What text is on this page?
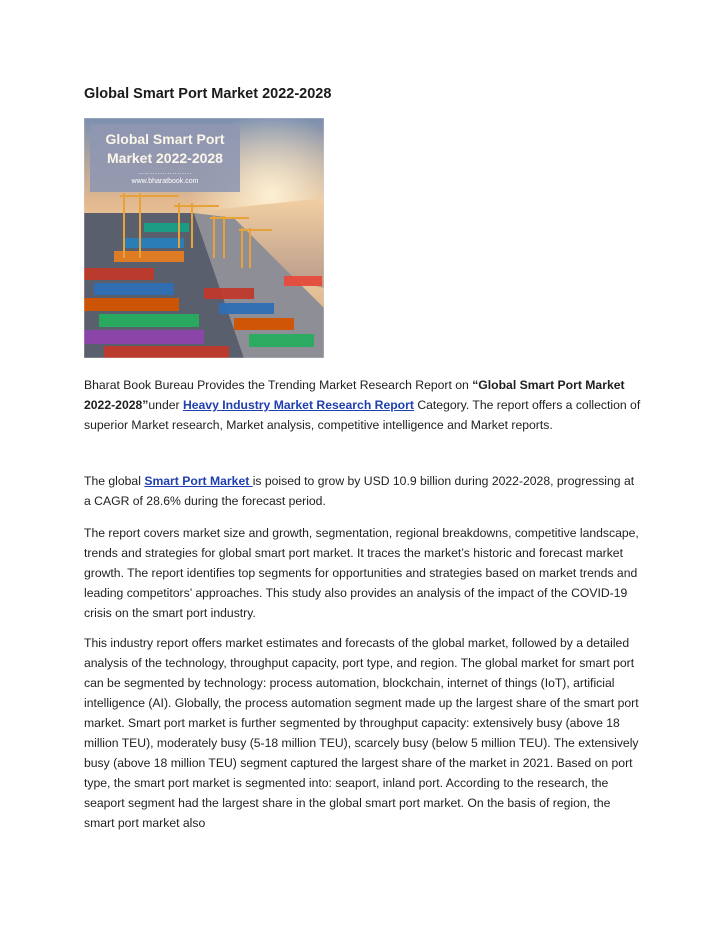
Global Smart Port Market 2022-2028
Global Smart Port
Market 2022-2028
......................
www.bharatbook.com
Bharat Book Bureau Provides the Trending Market Research Report on “Global Smart Port Market 2022-2028”under Heavy Industry Market Research Report Category. The report offers a collection of superior Market research, Market analysis, competitive intelligence and Market reports.
The global Smart Port Market is poised to grow by USD 10.9 billion during 2022-2028, progressing at a CAGR of 28.6% during the forecast period.
The report covers market size and growth, segmentation, regional breakdowns, competitive landscape, trends and strategies for global smart port market. It traces the market’s historic and forecast market growth. The report identifies top segments for opportunities and strategies based on market trends and leading competitors’ approaches. This study also provides an analysis of the impact of the COVID-19 crisis on the smart port industry.
This industry report offers market estimates and forecasts of the global market, followed by a detailed analysis of the technology, throughput capacity, port type, and region. The global market for smart port can be segmented by technology: process automation, blockchain, internet of things (IoT), artificial intelligence (AI). Globally, the process automation segment made up the largest share of the smart port market. Smart port market is further segmented by throughput capacity: extensively busy (above 18 million TEU), moderately busy (5-18 million TEU), scarcely busy (below 5 million TEU). The extensively busy (above 18 million TEU) segment captured the largest share of the market in 2021. Based on port type, the smart port market is segmented into: seaport, inland port. According to the research, the seaport segment had the largest share in the global smart port market. On the basis of region, the smart port market also
